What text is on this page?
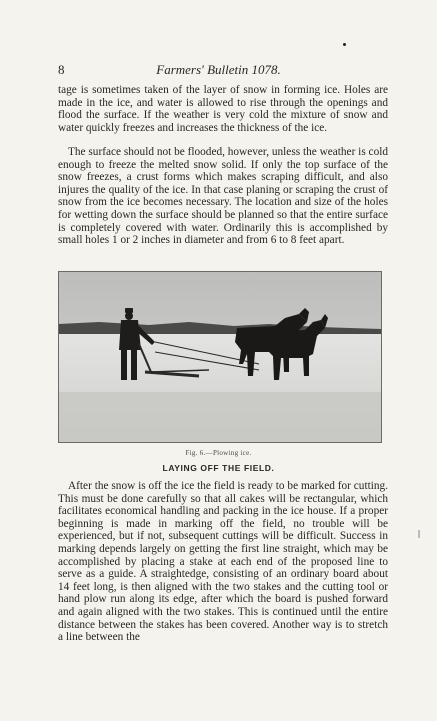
8	Farmers' Bulletin 1078.

tage is sometimes taken of the layer of snow in forming ice. Holes are made in the ice, and water is allowed to rise through the openings and flood the surface. If the weather is very cold the mixture of snow and water quickly freezes and increases the thickness of the ice.

The surface should not be flooded, however, unless the weather is cold enough to freeze the melted snow solid. If only the top surface of the snow freezes, a crust forms which makes scraping difficult, and also injures the quality of the ice. In that case planing or scraping the crust of snow from the ice becomes necessary. The location and size of the holes for wetting down the surface should be planned so that the entire surface is completely covered with water. Ordinarily this is accomplished by small holes 1 or 2 inches in diameter and from 6 to 8 feet apart.

Fig. 6.—Plowing ice.
LAYING OFF THE FIELD.

After the snow is off the ice the field is ready to be marked for cutting. This must be done carefully so that all cakes will be rectangular, which facilitates economical handling and packing in the ice house. If a proper beginning is made in marking off the field, no trouble will be experienced, but if not, subsequent cuttings will be difficult. Success in marking depends largely on getting the first line straight, which may be accomplished by placing a stake at each end of the proposed line to serve as a guide. A straightedge, consisting of an ordinary board about 14 feet long, is then aligned with the two stakes and the cutting tool or hand plow run along its edge, after which the board is pushed forward and again aligned with the two stakes. This is continued until the entire distance between the stakes has been covered. Another way is to stretch a line between the
